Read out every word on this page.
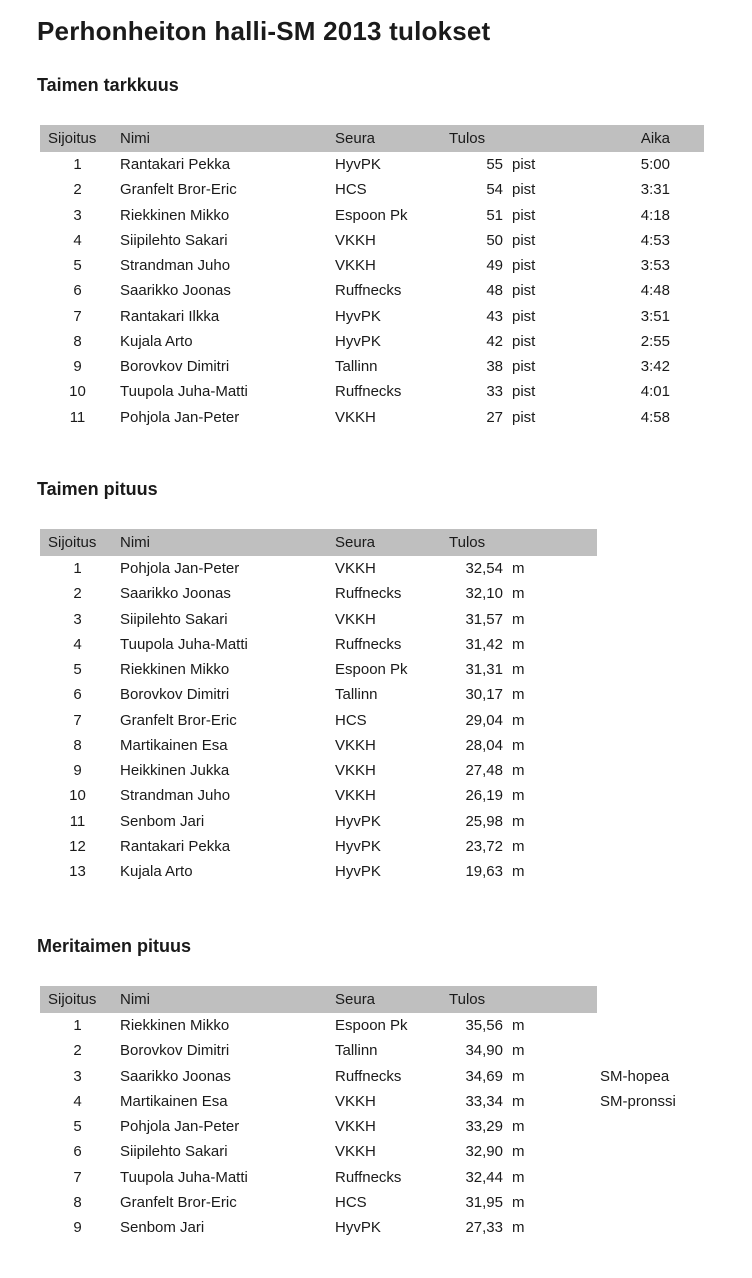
Perhonheiton halli-SM 2013 tulokset
Taimen tarkkuus
Sijoitus	Nimi	Seura	Tulos	Aika
1	Rantakari Pekka	HyvPK	55 pist	5:00
2	Granfelt Bror-Eric	HCS	54 pist	3:31
3	Riekkinen Mikko	Espoon Pk	51 pist	4:18
4	Siipilehto Sakari	VKKH	50 pist	4:53
5	Strandman Juho	VKKH	49 pist	3:53
6	Saarikko Joonas	Ruffnecks	48 pist	4:48
7	Rantakari Ilkka	HyvPK	43 pist	3:51
8	Kujala Arto	HyvPK	42 pist	2:55
9	Borovkov Dimitri	Tallinn	38 pist	3:42
10	Tuupola Juha-Matti	Ruffnecks	33 pist	4:01
11	Pohjola Jan-Peter	VKKH	27 pist	4:58
Taimen pituus
Sijoitus	Nimi	Seura	Tulos
1	Pohjola Jan-Peter	VKKH	32,54 m
2	Saarikko Joonas	Ruffnecks	32,10 m
3	Siipilehto Sakari	VKKH	31,57 m
4	Tuupola Juha-Matti	Ruffnecks	31,42 m
5	Riekkinen Mikko	Espoon Pk	31,31 m
6	Borovkov Dimitri	Tallinn	30,17 m
7	Granfelt Bror-Eric	HCS	29,04 m
8	Martikainen Esa	VKKH	28,04 m
9	Heikkinen Jukka	VKKH	27,48 m
10	Strandman Juho	VKKH	26,19 m
11	Senbom Jari	HyvPK	25,98 m
12	Rantakari Pekka	HyvPK	23,72 m
13	Kujala Arto	HyvPK	19,63 m
Meritaimen pituus
Sijoitus	Nimi	Seura	Tulos
1	Riekkinen Mikko	Espoon Pk	35,56 m
2	Borovkov Dimitri	Tallinn	34,90 m
3	Saarikko Joonas	Ruffnecks	34,69 m	SM-hopea
4	Martikainen Esa	VKKH	33,34 m	SM-pronssi
5	Pohjola Jan-Peter	VKKH	33,29 m
6	Siipilehto Sakari	VKKH	32,90 m
7	Tuupola Juha-Matti	Ruffnecks	32,44 m
8	Granfelt Bror-Eric	HCS	31,95 m
9	Senbom Jari	HyvPK	27,33 m
